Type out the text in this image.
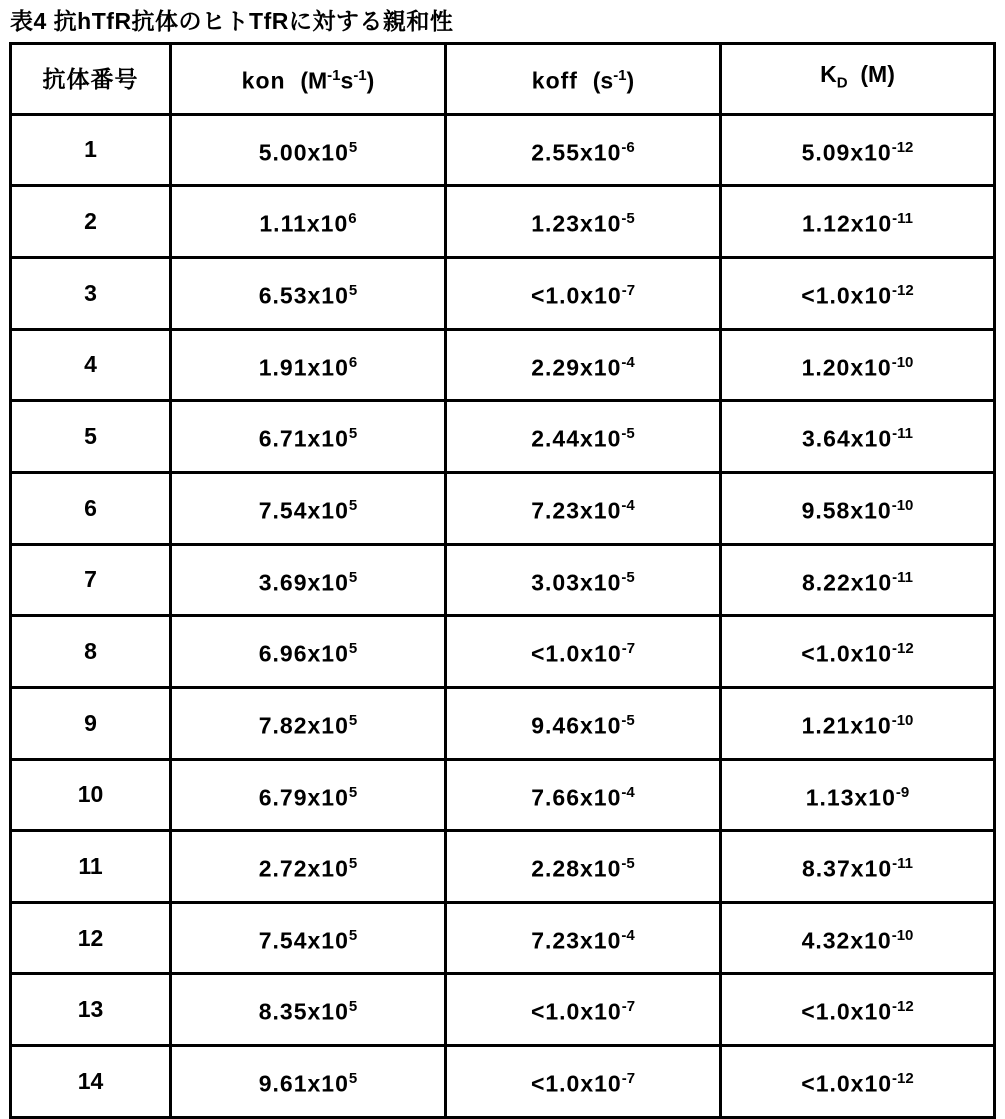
表4 抗hTfR抗体のヒトTfRに対する親和性
抗体番号	kon $(M^{-1}s^{-1})$	koff $(s^{-1})$	$K_D$ (M)
1	$5.00x10^5$	$2.55x10^{-6}$	$5.09x10^{-12}$
2	$1.11x10^6$	$1.23x10^{-5}$	$1.12x10^{-11}$
3	$6.53x10^5$	$<1.0x10^{-7}$	$<1.0x10^{-12}$
4	$1.91x10^6$	$2.29x10^{-4}$	$1.20x10^{-10}$
5	$6.71x10^5$	$2.44x10^{-5}$	$3.64x10^{-11}$
6	$7.54x10^5$	$7.23x10^{-4}$	$9.58x10^{-10}$
7	$3.69x10^5$	$3.03x10^{-5}$	$8.22x10^{-11}$
8	$6.96x10^5$	$<1.0x10^{-7}$	$<1.0x10^{-12}$
9	$7.82x10^5$	$9.46x10^{-5}$	$1.21x10^{-10}$
10	$6.79x10^5$	$7.66x10^{-4}$	$1.13x10^{-9}$
11	$2.72x10^5$	$2.28x10^{-5}$	$8.37x10^{-11}$
12	$7.54x10^5$	$7.23x10^{-4}$	$4.32x10^{-10}$
13	$8.35x10^5$	$<1.0x10^{-7}$	$<1.0x10^{-12}$
14	$9.61x10^5$	$<1.0x10^{-7}$	$<1.0x10^{-12}$
